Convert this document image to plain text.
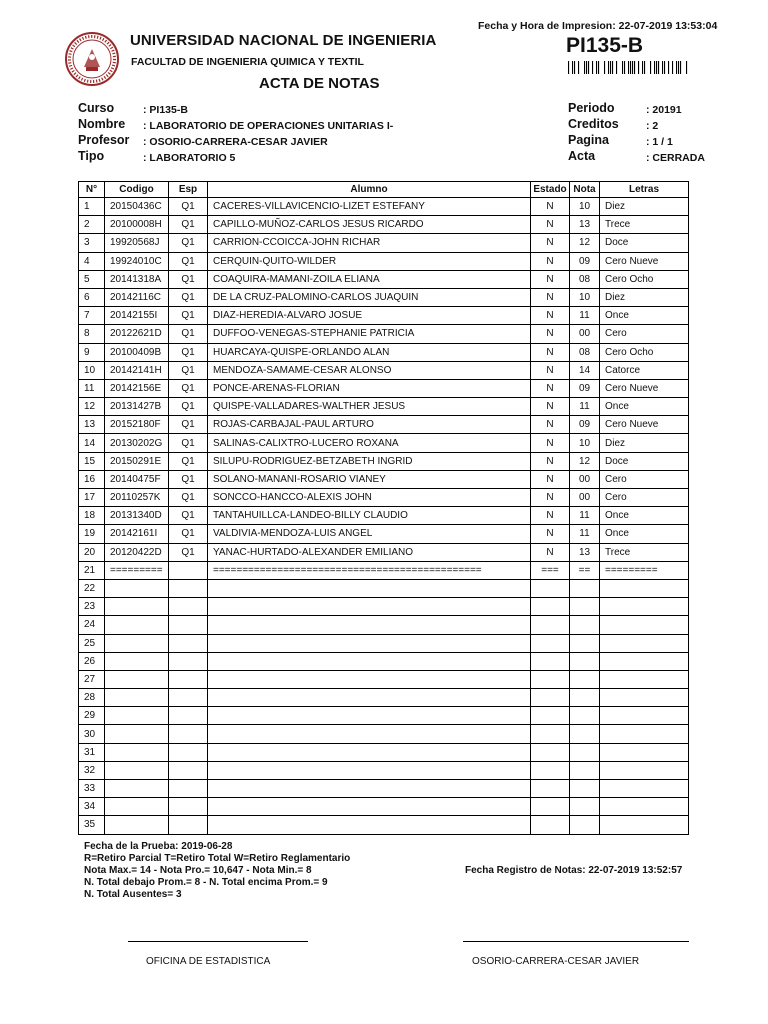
Fecha y Hora de Impresion: 22-07-2019 13:53:04
PI135-B
UNIVERSIDAD NACIONAL DE INGENIERIA
FACULTAD DE INGENIERIA QUIMICA Y TEXTIL
ACTA DE NOTAS
Curso	: PI135-B
Nombre : LABORATORIO DE OPERACIONES UNITARIAS I-
Profesor : OSORIO-CARRERA-CESAR JAVIER
Tipo	: LABORATORIO 5
Periodo	: 20191
Creditos	: 2
Pagina	: 1 / 1
Acta	: CERRADA
N°	Codigo	Esp	Alumno	Estado	Nota	Letras
1	20150436C	Q1	CACERES-VILLAVICENCIO-LIZET ESTEFANY	N	10	Diez
2	20100008H	Q1	CAPILLO-MUÑOZ-CARLOS JESUS RICARDO	N	13	Trece
3	19920568J	Q1	CARRION-CCOICCA-JOHN RICHAR	N	12	Doce
4	19924010C	Q1	CERQUIN-QUITO-WILDER	N	09	Cero Nueve
5	20141318A	Q1	COAQUIRA-MAMANI-ZOILA ELIANA	N	08	Cero Ocho
6	20142116C	Q1	DE LA CRUZ-PALOMINO-CARLOS JUAQUIN	N	10	Diez
7	20142155I	Q1	DIAZ-HEREDIA-ALVARO JOSUE	N	11	Once
8	20122621D	Q1	DUFFOO-VENEGAS-STEPHANIE PATRICIA	N	00	Cero
9	20100409B	Q1	HUARCAYA-QUISPE-ORLANDO ALAN	N	08	Cero Ocho
10	20142141H	Q1	MENDOZA-SAMAME-CESAR ALONSO	N	14	Catorce
11	20142156E	Q1	PONCE-ARENAS-FLORIAN	N	09	Cero Nueve
12	20131427B	Q1	QUISPE-VALLADARES-WALTHER JESUS	N	11	Once
13	20152180F	Q1	ROJAS-CARBAJAL-PAUL ARTURO	N	09	Cero Nueve
14	20130202G	Q1	SALINAS-CALIXTRO-LUCERO ROXANA	N	10	Diez
15	20150291E	Q1	SILUPU-RODRIGUEZ-BETZABETH INGRID	N	12	Doce
16	20140475F	Q1	SOLANO-MANANI-ROSARIO VIANEY	N	00	Cero
17	20110257K	Q1	SONCCO-HANCCO-ALEXIS JOHN	N	00	Cero
18	20131340D	Q1	TANTAHUILLCA-LANDEO-BILLY CLAUDIO	N	11	Once
19	20142161I	Q1	VALDIVIA-MENDOZA-LUIS ANGEL	N	11	Once
20	20120422D	Q1	YANAC-HURTADO-ALEXANDER EMILIANO	N	13	Trece
21	=========		==============================================	===	==	=========
22						
23						
24						
25						
26						
27						
28						
29						
30						
31						
32						
33						
34						
35						
Fecha de la Prueba: 2019-06-28
R=Retiro Parcial T=Retiro Total W=Retiro Reglamentario
Nota Max.= 14 - Nota Pro.= 10,647 - Nota Min.= 8
N. Total debajo Prom.= 8 - N. Total encima Prom.= 9
N. Total Ausentes= 3
Fecha Registro de Notas: 22-07-2019 13:52:57
OFICINA DE ESTADISTICA	OSORIO-CARRERA-CESAR JAVIER
